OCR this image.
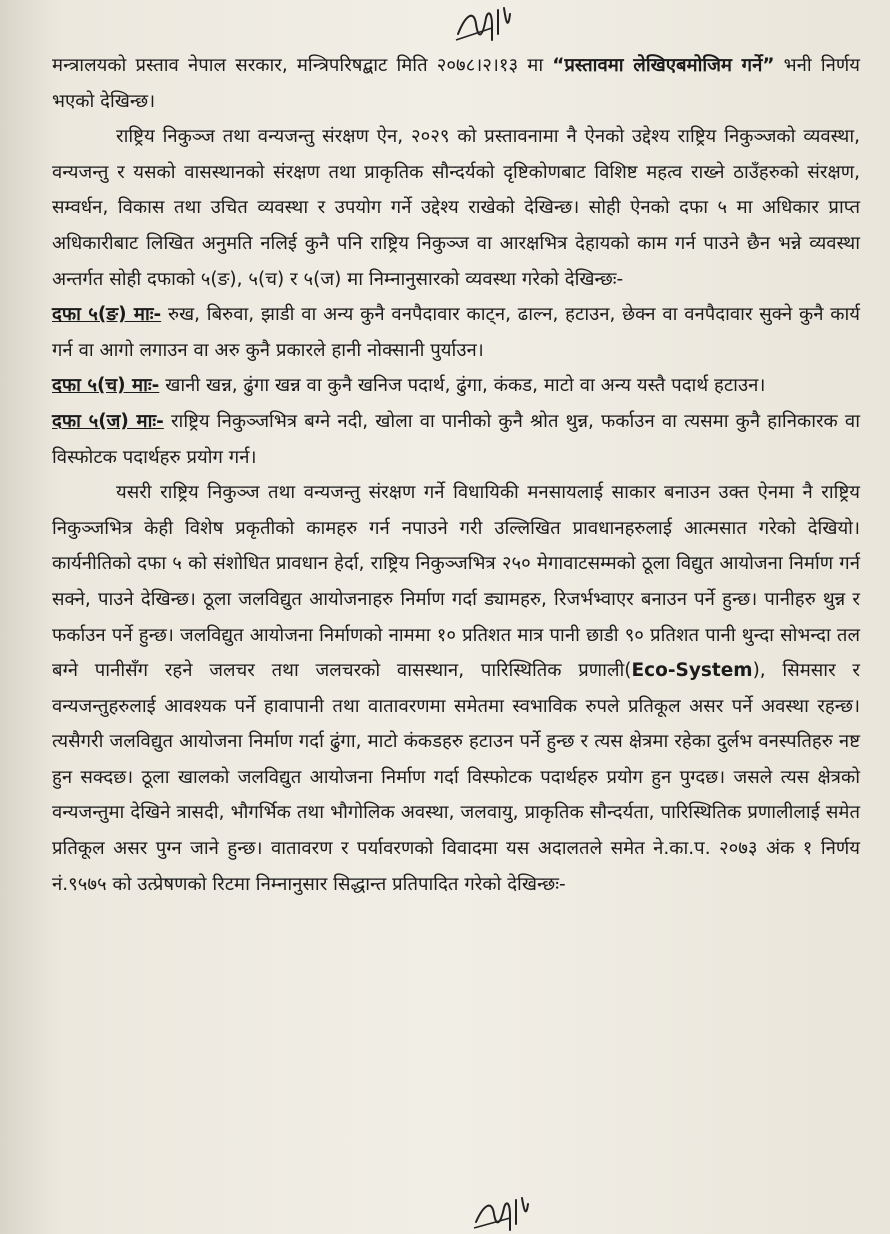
मन्त्रालयको प्रस्ताव नेपाल सरकार, मन्त्रिपरिषद्बाट मिति २०७८।२।१३ मा “प्रस्तावमा लेखिएबमोजिम गर्ने” भनी निर्णय भएको देखिन्छ।

राष्ट्रिय निकुञ्ज तथा वन्यजन्तु संरक्षण ऐन, २०२९ को प्रस्तावनामा नै ऐनको उद्देश्य राष्ट्रिय निकुञ्जको व्यवस्था, वन्यजन्तु र यसको वासस्थानको संरक्षण तथा प्राकृतिक सौन्दर्यको दृष्टिकोणबाट विशिष्ट महत्व राख्ने ठाउँहरुको संरक्षण, सम्वर्धन, विकास तथा उचित व्यवस्था र उपयोग गर्ने उद्देश्य राखेको देखिन्छ। सोही ऐनको दफा ५ मा अधिकार प्राप्त अधिकारीबाट लिखित अनुमति नलिई कुनै पनि राष्ट्रिय निकुञ्ज वा आरक्षभित्र देहायको काम गर्न पाउने छैन भन्ने व्यवस्था अन्तर्गत सोही दफाको ५(ङ), ५(च) र ५(ज) मा निम्नानुसारको व्यवस्था गरेको देखिन्छः-

दफा ५(ङ) माः- रुख, बिरुवा, झाडी वा अन्य कुनै वनपैदावार काट्न, ढाल्न, हटाउन, छेक्न वा वनपैदावार सुक्ने कुनै कार्य गर्न वा आगो लगाउन वा अरु कुनै प्रकारले हानी नोक्सानी पुर्याउन।

दफा ५(च) माः- खानी खन्न, ढुंगा खन्न वा कुनै खनिज पदार्थ, ढुंगा, कंकड, माटो वा अन्य यस्तै पदार्थ हटाउन।

दफा ५(ज) माः- राष्ट्रिय निकुञ्जभित्र बग्ने नदी, खोला वा पानीको कुनै श्रोत थुन्न, फर्काउन वा त्यसमा कुनै हानिकारक वा विस्फोटक पदार्थहरु प्रयोग गर्न।

यसरी राष्ट्रिय निकुञ्ज तथा वन्यजन्तु संरक्षण गर्ने विधायिकी मनसायलाई साकार बनाउन उक्त ऐनमा नै राष्ट्रिय निकुञ्जभित्र केही विशेष प्रकृतीको कामहरु गर्न नपाउने गरी उल्लिखित प्रावधानहरुलाई आत्मसात गरेको देखियो। कार्यनीतिको दफा ५ को संशोधित प्रावधान हेर्दा, राष्ट्रिय निकुञ्जभित्र २५० मेगावाटसम्मको ठूला विद्युत आयोजना निर्माण गर्न सक्ने, पाउने देखिन्छ। ठूला जलविद्युत आयोजनाहरु निर्माण गर्दा ड्यामहरु, रिजर्भभ्वाएर बनाउन पर्ने हुन्छ। पानीहरु थुन्न र फर्काउन पर्ने हुन्छ। जलविद्युत आयोजना निर्माणको नाममा १० प्रतिशत मात्र पानी छाडी ९० प्रतिशत पानी थुन्दा सोभन्दा तल बग्ने पानीसँग रहने जलचर तथा जलचरको वासस्थान, पारिस्थितिक प्रणाली(Eco-System), सिमसार र वन्यजन्तुहरुलाई आवश्यक पर्ने हावापानी तथा वातावरणमा समेतमा स्वभाविक रुपले प्रतिकूल असर पर्ने अवस्था रहन्छ। त्यसैगरी जलविद्युत आयोजना निर्माण गर्दा ढुंगा, माटो कंकडहरु हटाउन पर्ने हुन्छ र त्यस क्षेत्रमा रहेका दुर्लभ वनस्पतिहरु नष्ट हुन सक्दछ। ठूला खालको जलविद्युत आयोजना निर्माण गर्दा विस्फोटक पदार्थहरु प्रयोग हुन पुग्दछ। जसले त्यस क्षेत्रको वन्यजन्तुमा देखिने त्रासदी, भौगर्भिक तथा भौगोलिक अवस्था, जलवायु, प्राकृतिक सौन्दर्यता, पारिस्थितिक प्रणालीलाई समेत प्रतिकूल असर पुग्न जाने हुन्छ। वातावरण र पर्यावरणको विवादमा यस अदालतले समेत ने.का.प. २०७३ अंक १ निर्णय नं.९५७५ को उत्प्रेषणको रिटमा निम्नानुसार सिद्धान्त प्रतिपादित गरेको देखिन्छः-
